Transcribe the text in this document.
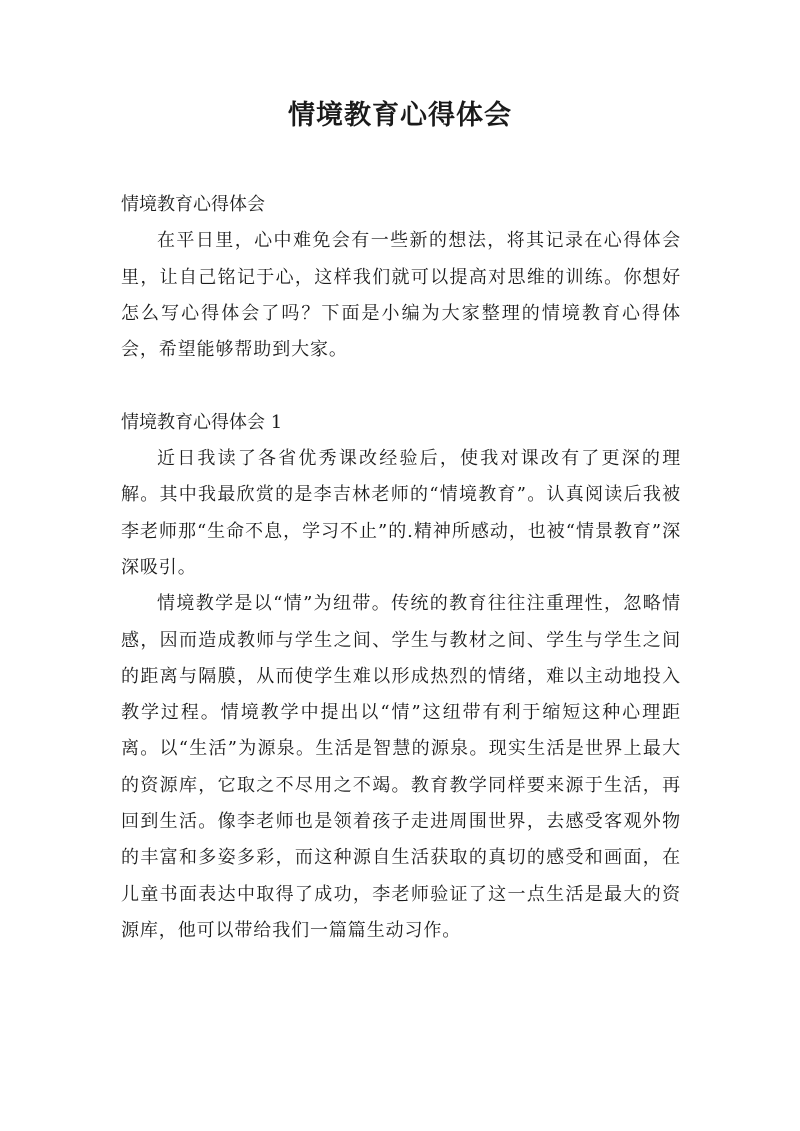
情境教育心得体会
情境教育心得体会

在平日里，心中难免会有一些新的想法，将其记录在心得体会里，让自己铭记于心，这样我们就可以提高对思维的训练。你想好怎么写心得体会了吗？下面是小编为大家整理的情境教育心得体会，希望能够帮助到大家。

情境教育心得体会 1

近日我读了各省优秀课改经验后，使我对课改有了更深的理解。其中我最欣赏的是李吉林老师的“情境教育”。认真阅读后我被李老师那“生命不息，学习不止”的.精神所感动，也被“情景教育”深深吸引。

情境教学是以“情”为纽带。传统的教育往往注重理性，忽略情感，因而造成教师与学生之间、学生与教材之间、学生与学生之间的距离与隔膜，从而使学生难以形成热烈的情绪，难以主动地投入教学过程。情境教学中提出以“情”这纽带有利于缩短这种心理距离。以“生活”为源泉。生活是智慧的源泉。现实生活是世界上最大的资源库，它取之不尽用之不竭。教育教学同样要来源于生活，再回到生活。像李老师也是领着孩子走进周围世界，去感受客观外物的丰富和多姿多彩，而这种源自生活获取的真切的感受和画面，在儿童书面表达中取得了成功，李老师验证了这一点生活是最大的资源库，他可以带给我们一篇篇生动习作。
